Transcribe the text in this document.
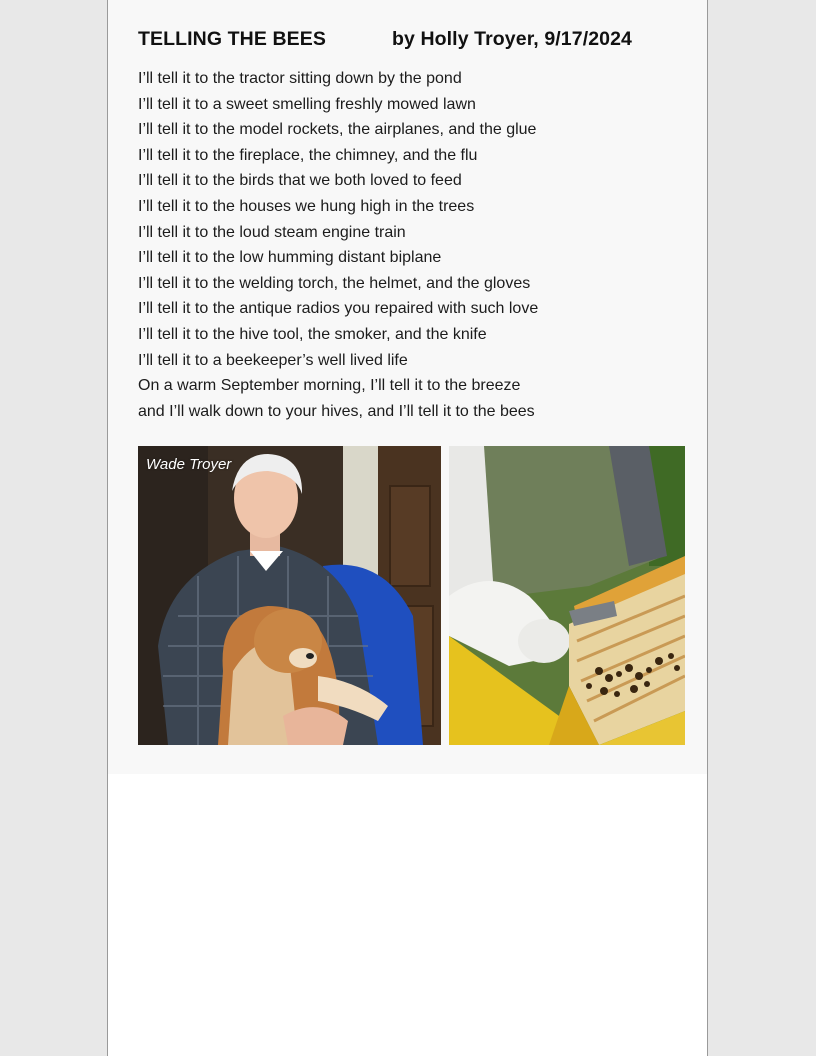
TELLING THE BEES	by Holly Troyer, 9/17/2024
I’ll tell it to the tractor sitting down by the pond
I’ll tell it to a sweet smelling freshly mowed lawn
I’ll tell it to the model rockets, the airplanes, and the glue
I’ll tell it to the fireplace, the chimney, and the flu
I’ll tell it to the birds that we both loved to feed
I’ll tell it to the houses we hung high in the trees
I’ll tell it to the loud steam engine train
I’ll tell it to the low humming distant biplane
I’ll tell it to the welding torch, the helmet, and the gloves
I’ll tell it to the antique radios you repaired with such love
I’ll tell it to the hive tool, the smoker, and the knife
I’ll tell it to a beekeeper’s well lived life
On a warm September morning, I’ll tell it to the breeze
and I’ll walk down to your hives, and I’ll tell it to the bees
Wade Troyer
